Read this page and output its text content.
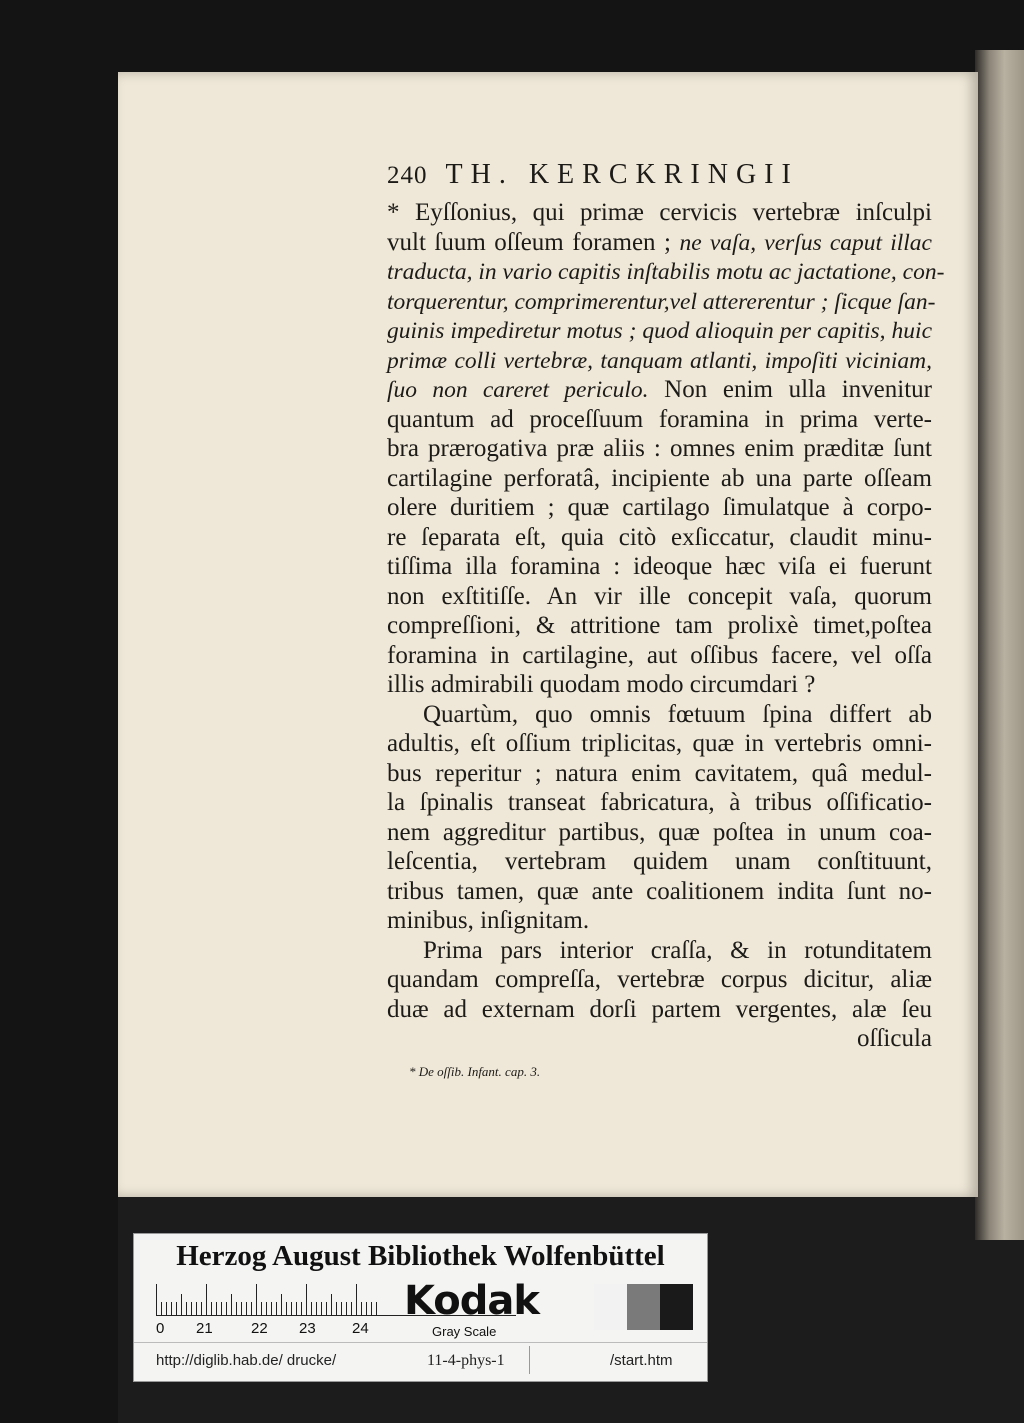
240 TH. KERCKRINGII
* Eyſſonius, qui primæ cervicis vertebræ inſculpi
vult ſuum oſſeum foramen ; ne vaſa, verſus caput illac
traducta, in vario capitis inſtabilis motu ac jactatione, con-
torquerentur, comprimerentur,vel attererentur ; ſicque ſan-
guinis impediretur motus ; quod alioquin per capitis, huic
primæ colli vertebræ, tanquam atlanti, impoſiti viciniam,
ſuo non careret periculo. Non enim ulla invenitur
quantum ad proceſſuum foramina in prima verte-
bra prærogativa præ aliis : omnes enim præditæ ſunt
cartilagine perforatâ, incipiente ab una parte oſſeam
olere duritiem ; quæ cartilago ſimulatque à corpo-
re ſeparata eſt, quia citò exſiccatur, claudit minu-
tiſſima illa foramina : ideoque hæc viſa ei fuerunt
non exſtitiſſe. An vir ille concepit vaſa, quorum
compreſſioni, & attritione tam prolixè timet,poſtea
foramina in cartilagine, aut oſſibus facere, vel oſſa
illis admirabili quodam modo circumdari ?
Quartùm, quo omnis fœtuum ſpina differt ab
adultis, eſt oſſium triplicitas, quæ in vertebris omni-
bus reperitur ; natura enim cavitatem, quâ medul-
la ſpinalis transeat fabricatura, à tribus oſſificatio-
nem aggreditur partibus, quæ poſtea in unum coa-
leſcentia, vertebram quidem unam conſtituunt,
tribus tamen, quæ ante coalitionem indita ſunt no-
minibus, inſignitam.
Prima pars interior craſſa, & in rotunditatem
quandam compreſſa, vertebræ corpus dicitur, aliæ
duæ ad externam dorſi partem vergentes, alæ ſeu
oſſicula
* De oſſib. Infant. cap. 3.
Herzog August Bibliothek Wolfenbüttel
0 21	22 23 24
Kodak
Gray Scale
http://diglib.hab.de/ drucke/	11-4-phys-1	/start.htm
